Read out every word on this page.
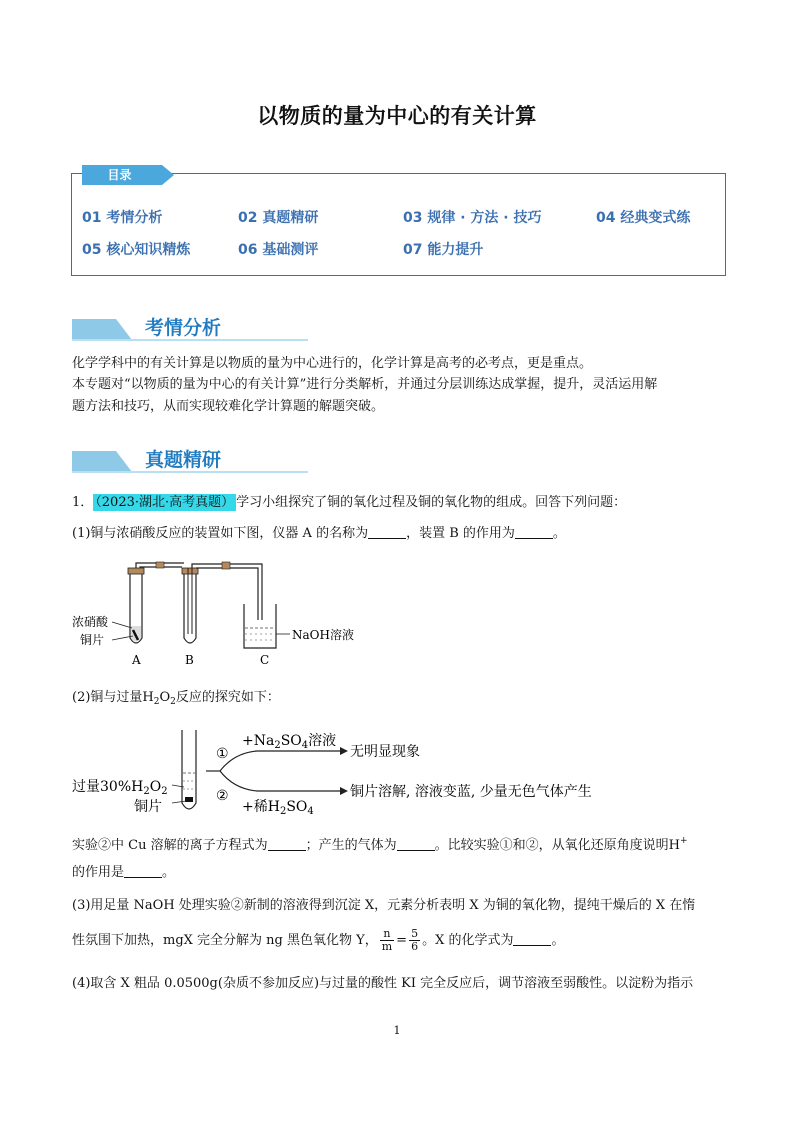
以物质的量为中心的有关计算
目录
01 考情分析	02 真题精研	03 规律 · 方法 · 技巧	04 经典变式练
05 核心知识精炼	06 基础测评	07 能力提升
考情分析
化学学科中的有关计算是以物质的量为中心进行的，化学计算是高考的必考点，更是重点。
本专题对“以物质的量为中心的有关计算”进行分类解析，并通过分层训练达成掌握，提升，灵活运用解
题方法和技巧，从而实现较难化学计算题的解题突破。
真题精研
1． （2023·湖北·高考真题） 学习小组探究了铜的氧化过程及铜的氧化物的组成。回答下列问题：
(1)铜与浓硝酸反应的装置如下图，仪器 A 的名称为	，装置 B 的作用为	。
浓硝酸
铜片	NaOH溶液
A	B	C
(2)铜与过量$H_2O_2$反应的探究如下：
过量$30\%H_2O_2$
铜片
①
②
$+Na_2SO_4$溶液
+稀$H_2SO_4$
无明显现象
铜片溶解, 溶液变蓝, 少量无色气体产生
实验②中 Cu 溶解的离子方程式为	；产生的气体为	。比较实验①和②，从氧化还原角度说明H+
的作用是	。
(3)用足量 NaOH 处理实验②新制的溶液得到沉淀 X，元素分析表明 X 为铜的氧化物，提纯干燥后的 X 在惰
性氛围下加热，mgX 完全分解为 ng 黑色氧化物 Y， $\frac{n}{m} = \frac{5}{6}$ 。X 的化学式为	。
(4)取含 X 粗品 0.0500g(杂质不参加反应)与过量的酸性 KI 完全反应后，调节溶液至弱酸性。以淀粉为指示
1
